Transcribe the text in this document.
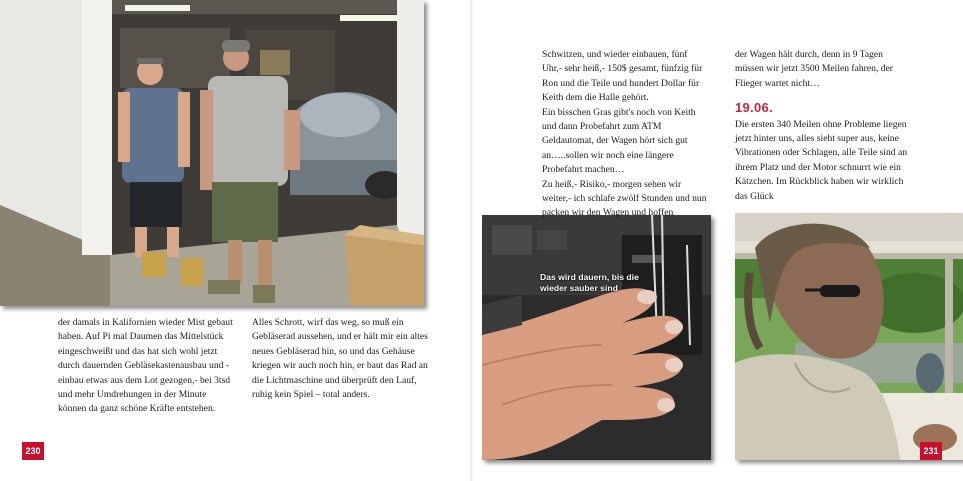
Das wird dauern, bis die wieder sauber sind

der damals in Kalifornien wieder Mist gebaut haben. Auf Pi mal Daumen das Mittelstück eingeschweißt und das hat sich wohl jetzt durch dauernden Gebläsekastenausbau und -einbau etwas aus dem Lot gezogen,- bei 3tsd und mehr Umdrehungen in der Minute können da ganz schöne Kräfte entstehen.

Alles Schrott, wirf das weg, so muß ein Gebläserad aussehen, und er hält mir ein altes neues Gebläserad hin, so und das Gehäuse kriegen wir auch noch hin, er baut das Rad an die Lichtmaschine und überprüft den Lauf, ruhig kein Spiel – total anders.

Schwitzen, und wieder einbauen, fünf Uhr,- sehr heiß,- 150$ gesamt, fünfzig für Ron und die Teile und hundert Dollar für Keith dem die Halle gehört.

Ein bisschen Gras gibt's noch von Keith und dann Probefahrt zum ATM Geldautomat, der Wagen hört sich gut an…..sollen wir noch eine längere Probefahrt machen…

Zu heiß,- Risiko,- morgen sehen wir weiter,- ich schlafe zwölf Stunden und nun packen wir den Wagen und hoffen

der Wagen hält durch, denn in 9 Tagen müssen wir jetzt 3500 Meilen fahren, der Flieger wartet nicht…

19.06.

Die ersten 340 Meilen ohne Probleme liegen jetzt hinter uns, alles sieht super aus, keine Vibrationen oder Schlagen, alle Teile sind an ihrem Platz und der Motor schnurrt wie ein Kätzchen. Im Rückblick haben wir wirklich das Glück

230	231
